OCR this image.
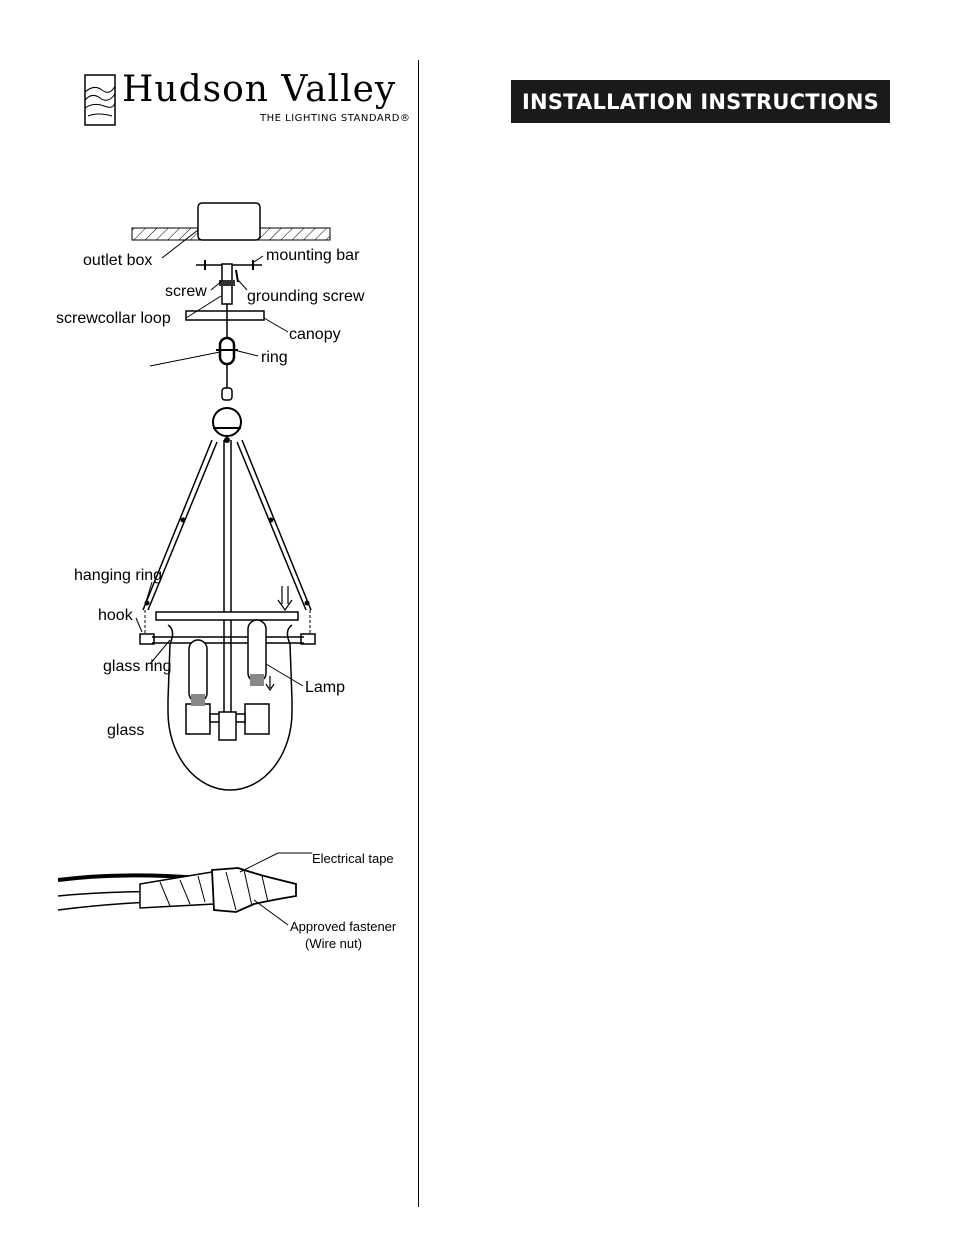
Hudson Valley
THE LIGHTING STANDARD®
INSTALLATION INSTRUCTIONS
outlet box	mounting bar
screw	grounding screw
screwcollar loop
canopy
ring
hanging ring
hook
glass ring
Lamp
glass
Electrical tape
Approved fastener
(Wire nut)
